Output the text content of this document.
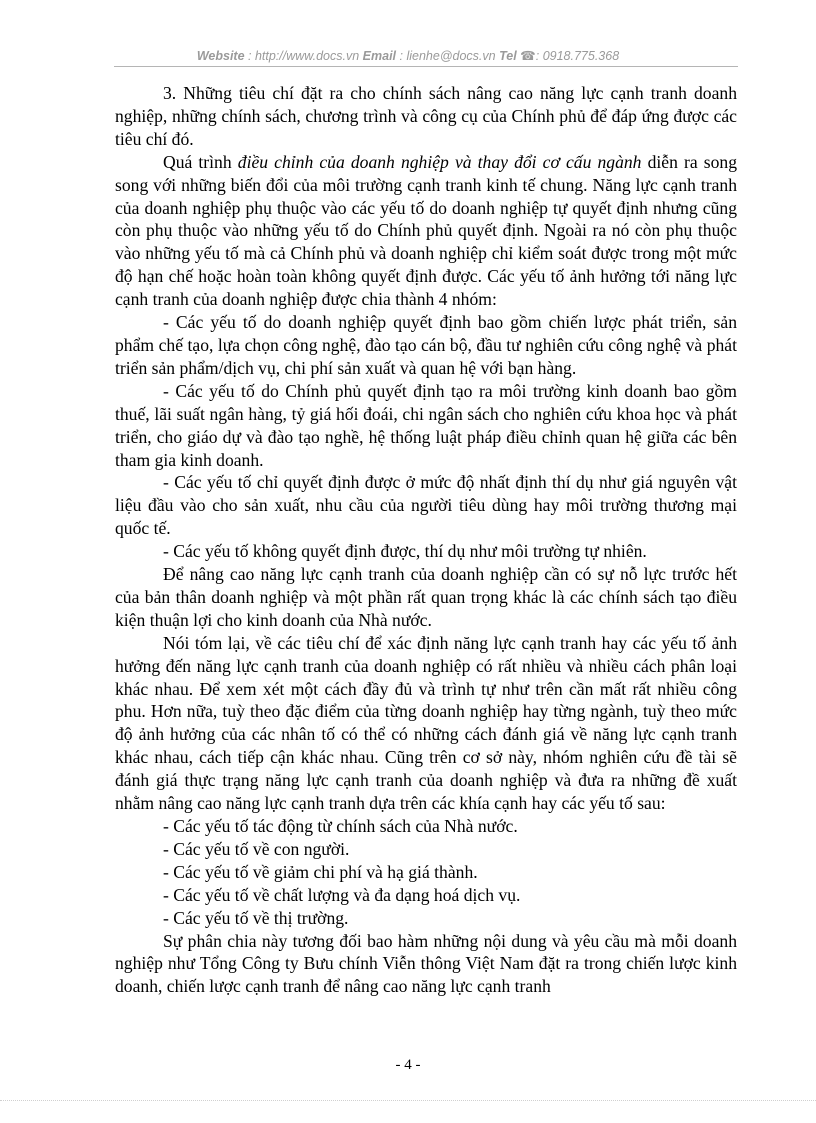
Website : http://www.docs.vn Email : lienhe@docs.vn Tel ☎: 0918.775.368

3. Những tiêu chí đặt ra cho chính sách nâng cao năng lực cạnh tranh doanh nghiệp, những chính sách, chương trình và công cụ của Chính phủ để đáp ứng được các tiêu chí đó.

Quá trình điều chỉnh của doanh nghiệp và thay đổi cơ cấu ngành diễn ra song song với những biến đổi của môi trường cạnh tranh kinh tế chung. Năng lực cạnh tranh của doanh nghiệp phụ thuộc vào các yếu tố do doanh nghiệp tự quyết định nhưng cũng còn phụ thuộc vào những yếu tố do Chính phủ quyết định. Ngoài ra nó còn phụ thuộc vào những yếu tố mà cả Chính phủ và doanh nghiệp chỉ kiểm soát được trong một mức độ hạn chế hoặc hoàn toàn không quyết định được. Các yếu tố ảnh hưởng tới năng lực cạnh tranh của doanh nghiệp được chia thành 4 nhóm:

- Các yếu tố do doanh nghiệp quyết định bao gồm chiến lược phát triển, sản phẩm chế tạo, lựa chọn công nghệ, đào tạo cán bộ, đầu tư nghiên cứu công nghệ và phát triển sản phẩm/dịch vụ, chi phí sản xuất và quan hệ với bạn hàng.

- Các yếu tố do Chính phủ quyết định tạo ra môi trường kinh doanh bao gồm thuế, lãi suất ngân hàng, tỷ giá hối đoái, chi ngân sách cho nghiên cứu khoa học và phát triển, cho giáo dự và đào tạo nghề, hệ thống luật pháp điều chỉnh quan hệ giữa các bên tham gia kinh doanh.

- Các yếu tố chỉ quyết định được ở mức độ nhất định thí dụ như giá nguyên vật liệu đầu vào cho sản xuất, nhu cầu của người tiêu dùng hay môi trường thương mại quốc tế.

- Các yếu tố không quyết định được, thí dụ như môi trường tự nhiên.

Để nâng cao năng lực cạnh tranh của doanh nghiệp cần có sự nỗ lực trước hết của bản thân doanh nghiệp và một phần rất quan trọng khác là các chính sách tạo điều kiện thuận lợi cho kinh doanh của Nhà nước.

Nói tóm lại, về các tiêu chí để xác định năng lực cạnh tranh hay các yếu tố ảnh hưởng đến năng lực cạnh tranh của doanh nghiệp có rất nhiều và nhiều cách phân loại khác nhau. Để xem xét một cách đầy đủ và trình tự như trên cần mất rất nhiều công phu. Hơn nữa, tuỳ theo đặc điểm của từng doanh nghiệp hay từng ngành, tuỳ theo mức độ ảnh hưởng của các nhân tố có thể có những cách đánh giá về năng lực cạnh tranh khác nhau, cách tiếp cận khác nhau. Cũng trên cơ sở này, nhóm nghiên cứu đề tài sẽ đánh giá thực trạng năng lực cạnh tranh của doanh nghiệp và đưa ra những đề xuất nhằm nâng cao năng lực cạnh tranh dựa trên các khía cạnh hay các yếu tố sau:

- Các yếu tố tác động từ chính sách của Nhà nước.

- Các yếu tố về con người.

- Các yếu tố về giảm chi phí và hạ giá thành.

- Các yếu tố về chất lượng và đa dạng hoá dịch vụ.

- Các yếu tố về thị trường.

Sự phân chia này tương đối bao hàm những nội dung và yêu cầu mà mỗi doanh nghiệp như Tổng Công ty Bưu chính Viễn thông Việt Nam đặt ra trong chiến lược kinh doanh, chiến lược cạnh tranh để nâng cao năng lực cạnh tranh

- 4 -
